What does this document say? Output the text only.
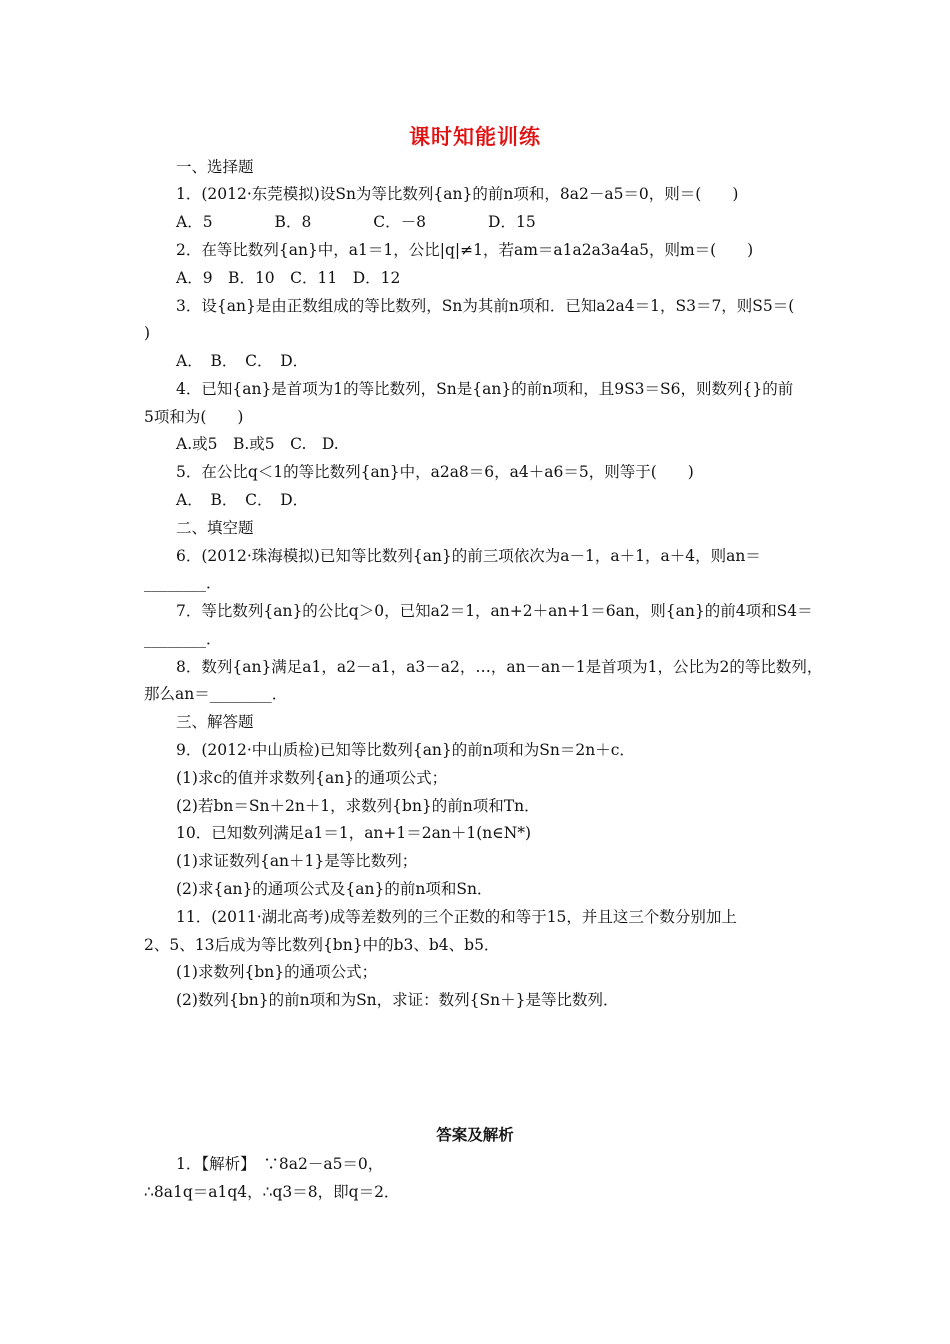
课时知能训练
一、选择题
1．(2012·东莞模拟)设Sn为等比数列{an}的前n项和，8a2－a5＝0，则＝(　　)
A．5　　　　B．8　　　　C．－8　　　　D．15
2．在等比数列{an}中，a1＝1，公比|q|≠1，若am＝a1a2a3a4a5，则m＝(　　)
A．9　B．10　C．11　D．12
3．设{an}是由正数组成的等比数列，Sn为其前n项和．已知a2a4＝1，S3＝7，则S5＝(
)
A．　B．　C．　D．
4．已知{an}是首项为1的等比数列，Sn是{an}的前n项和，且9S3＝S6，则数列{}的前
5项和为(　　)
A.或5　B.或5　C.　D.
5．在公比q＜1的等比数列{an}中，a2a8＝6，a4＋a6＝5，则等于(　　)
A．　B．　C．　D．
二、填空题
6．(2012·珠海模拟)已知等比数列{an}的前三项依次为a－1，a＋1，a＋4，则an＝
________．
7．等比数列{an}的公比q＞0，已知a2＝1，an+2＋an+1＝6an，则{an}的前4项和S4＝
________．
8．数列{an}满足a1，a2－a1，a3－a2，…，an－an－1是首项为1，公比为2的等比数列，
那么an＝________．
三、解答题
9．(2012·中山质检)已知等比数列{an}的前n项和为Sn＝2n＋c．
(1)求c的值并求数列{an}的通项公式；
(2)若bn＝Sn＋2n＋1，求数列{bn}的前n项和Tn．
10．已知数列满足a1＝1，an+1＝2an＋1(n∈N*)
(1)求证数列{an＋1}是等比数列；
(2)求{an}的通项公式及{an}的前n项和Sn．
11．(2011·湖北高考)成等差数列的三个正数的和等于15，并且这三个数分别加上
2、5、13后成为等比数列{bn}中的b3、b4、b5．
(1)求数列{bn}的通项公式；
(2)数列{bn}的前n项和为Sn，求证：数列{Sn＋}是等比数列．
答案及解析
1．【解析】　∵8a2－a5＝0，
∴8a1q＝a1q4，∴q3＝8，即q＝2．
